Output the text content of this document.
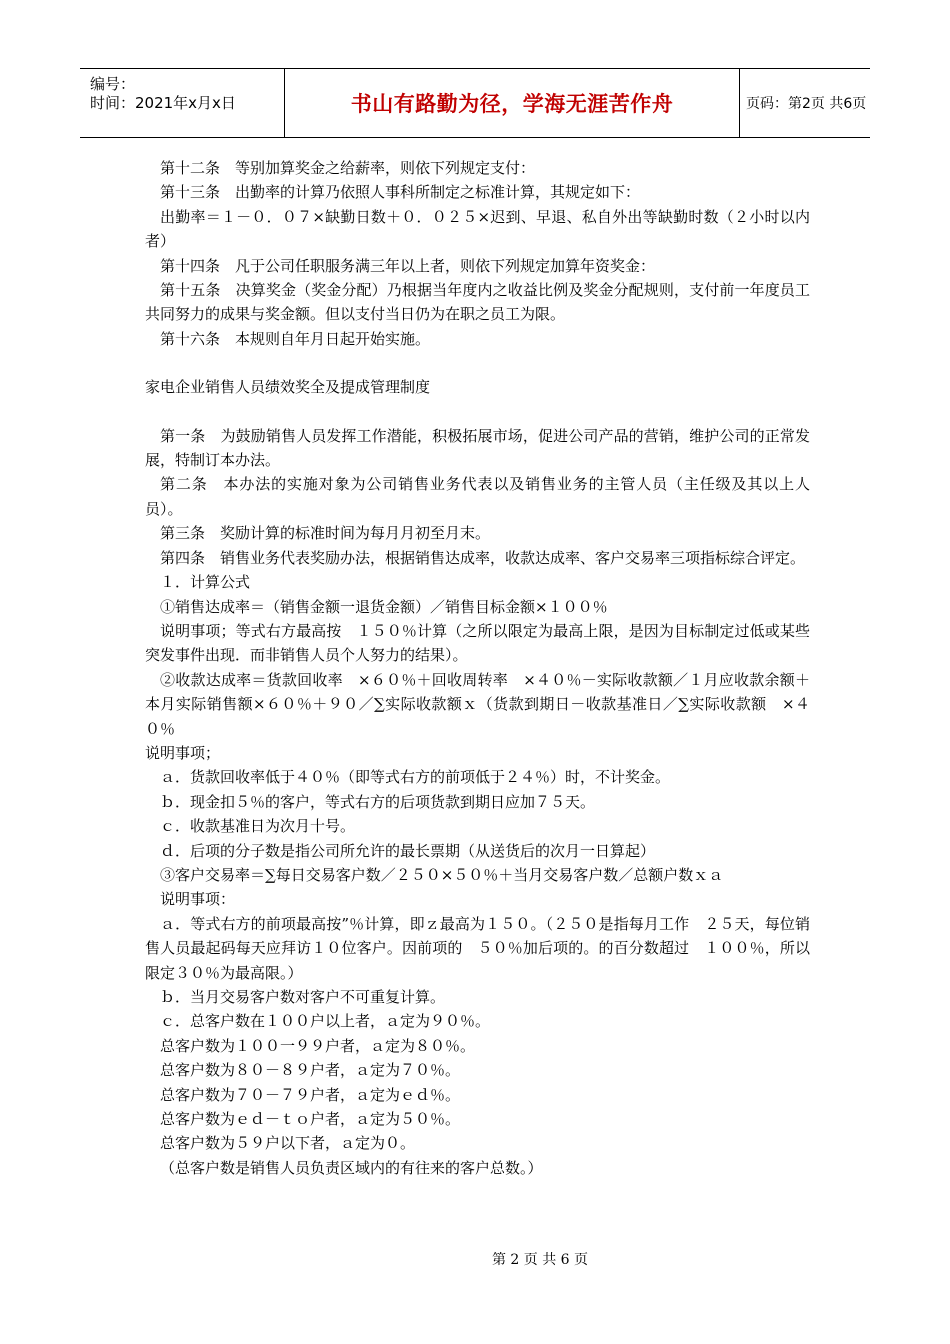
编号：
时间：2021年x月x日	书山有路勤为径，学海无涯苦作舟	页码：第2页 共6页

第十二条　等别加算奖金之给薪率，则依下列规定支付：

第十三条　出勤率的计算乃依照人事科所制定之标准计算，其规定如下：

出勤率＝１－０．０７×缺勤日数＋０．０２５×迟到、早退、私自外出等缺勤时数（２小时以内者）

第十四条　凡于公司任职服务满三年以上者，则依下列规定加算年资奖金：

第十五条　决算奖金（奖金分配）乃根据当年度内之收益比例及奖金分配规则，支付前一年度员工共同努力的成果与奖金额。但以支付当日仍为在职之员工为限。

第十六条　本规则自年月日起开始实施。

家电企业销售人员绩效奖全及提成管理制度

第一条　为鼓励销售人员发挥工作潜能，积极拓展市场，促进公司产品的营销，维护公司的正常发展，特制订本办法。

第二条　本办法的实施对象为公司销售业务代表以及销售业务的主管人员（主任级及其以上人员）。

第三条　奖励计算的标准时间为每月月初至月末。

第四条　销售业务代表奖励办法，根据销售达成率，收款达成率、客户交易率三项指标综合评定。

１．计算公式

①销售达成率＝（销售金额一退货金额）／销售目标金额×１００％

说明事项；等式右方最高按　１５０％计算（之所以限定为最高上限，是因为目标制定过低或某些突发事件出现．而非销售人员个人努力的结果）。

②收款达成率＝货款回收率　×６０％＋回收周转率　×４０％－实际收款额／１月应收款余额＋本月实际销售额×６０％＋９０／∑实际收款额ｘ（货款到期日－收款基准日／∑实际收款额　×４０％

说明事项；

ａ．货款回收率低于４０％（即等式右方的前项低于２４％）时，不计奖金。

ｂ．现金扣５％的客户，等式右方的后项货款到期日应加７５天。

ｃ．收款基准日为次月十号。

ｄ．后项的分子数是指公司所允许的最长票期（从送货后的次月一日算起）

③客户交易率＝∑每日交易客户数／２５０×５０％＋当月交易客户数／总额户数ｘａ

说明事项：

ａ．等式右方的前项最高按”％计算，即ｚ最高为１５０。（２５０是指每月工作　２５天，每位销售人员最起码每天应拜访１０位客户。因前项的　５０％加后项的。的百分数超过　１００％，所以限定３０％为最高限。）

ｂ．当月交易客户数对客户不可重复计算。

ｃ．总客户数在１００户以上者，ａ定为９０％。

总客户数为１００一９９户者，ａ定为８０％。

总客户数为８０－８９户者，ａ定为７０％。

总客户数为７０－７９户者，ａ定为ｅｄ％。

总客户数为ｅｄ－ｔｏ户者，ａ定为５０％。

总客户数为５９户以下者，ａ定为０。

（总客户数是销售人员负责区域内的有往来的客户总数。）

第 2 页 共 6 页
